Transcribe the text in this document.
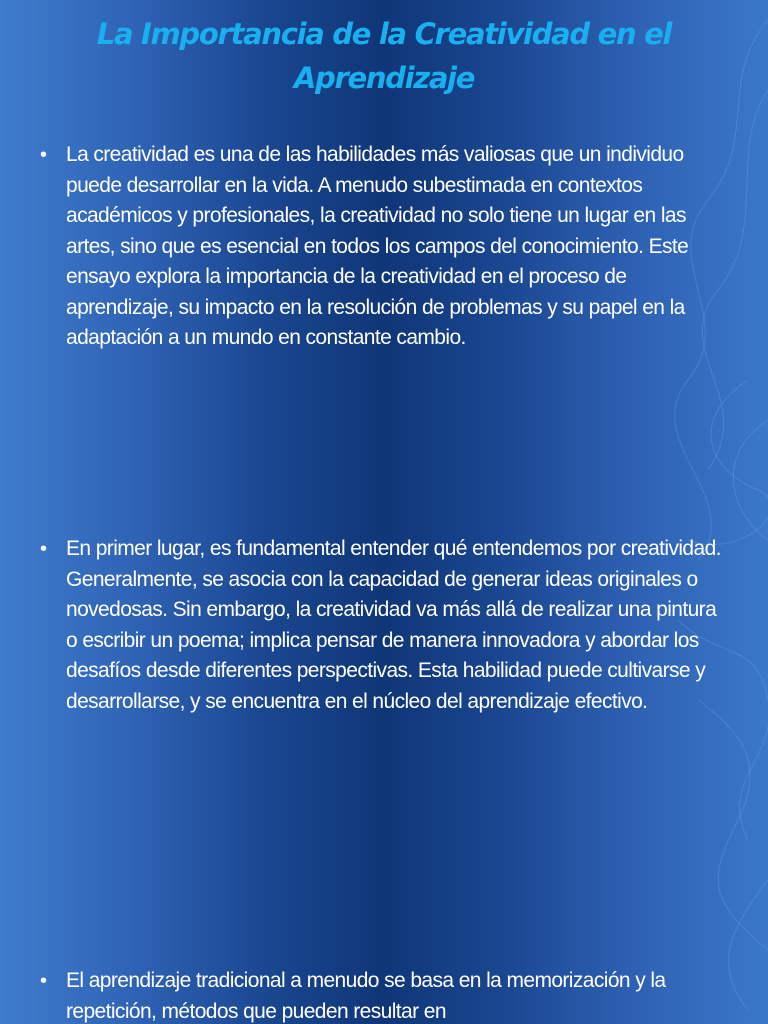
La Importancia de la Creatividad en el Aprendizaje
• La creatividad es una de las habilidades más valiosas que un individuo puede desarrollar en la vida. A menudo subestimada en contextos académicos y profesionales, la creatividad no solo tiene un lugar en las artes, sino que es esencial en todos los campos del conocimiento. Este ensayo explora la importancia de la creatividad en el proceso de aprendizaje, su impacto en la resolución de problemas y su papel en la adaptación a un mundo en constante cambio.

• En primer lugar, es fundamental entender qué entendemos por creatividad. Generalmente, se asocia con la capacidad de generar ideas originales o novedosas. Sin embargo, la creatividad va más allá de realizar una pintura o escribir un poema; implica pensar de manera innovadora y abordar los desafíos desde diferentes perspectivas. Esta habilidad puede cultivarse y desarrollarse, y se encuentra en el núcleo del aprendizaje efectivo.

• El aprendizaje tradicional a menudo se basa en la memorización y la repetición, métodos que pueden resultar en
